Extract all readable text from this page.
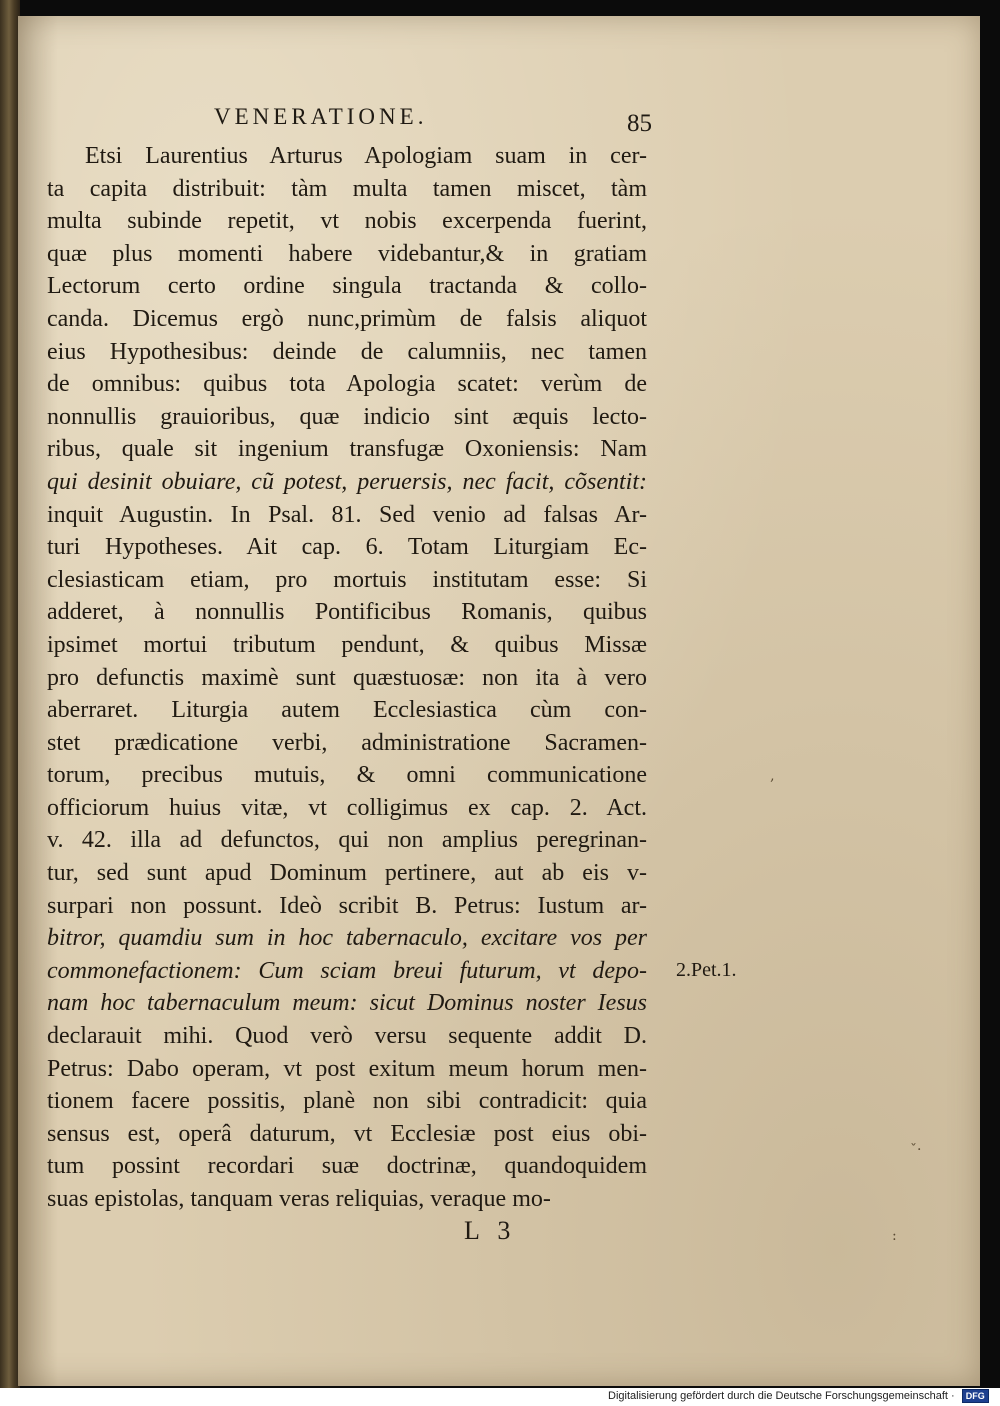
‚
ˇ·
:
VENERATIONE.	85
Etsi Laurentius Arturus Apologiam suam in cer-
ta capita distribuit: tàm multa tamen miscet, tàm
multa subinde repetit, vt nobis excerpenda fuerint,
quæ plus momenti habere videbantur,& in gratiam
Lectorum certo ordine singula tractanda & collo-
canda. Dicemus ergò nunc,primùm de falsis aliquot
eius Hypothesibus: deinde de calumniis, nec tamen
de omnibus: quibus tota Apologia scatet: verùm de
nonnullis grauioribus, quæ indicio sint æquis lecto-
ribus, quale sit ingenium transfugæ Oxoniensis: Nam
qui desinit obuiare, cũ potest, peruersis, nec facit, cõsentit:
inquit Augustin. In Psal. 81. Sed venio ad falsas Ar-
turi Hypotheses. Ait cap. 6. Totam Liturgiam Ec-
clesiasticam etiam, pro mortuis institutam esse: Si
adderet, à nonnullis Pontificibus Romanis, quibus
ipsimet mortui tributum pendunt, & quibus Missæ
pro defunctis maximè sunt quæstuosæ: non ita à vero
aberraret. Liturgia autem Ecclesiastica cùm con-
stet prædicatione verbi, administratione Sacramen-
torum, precibus mutuis, & omni communicatione
officiorum huius vitæ, vt colligimus ex cap. 2. Act.
v. 42. illa ad defunctos, qui non amplius peregrinan-
tur, sed sunt apud Dominum pertinere, aut ab eis v-
surpari non possunt. Ideò scribit B. Petrus: Iustum ar-
bitror, quamdiu sum in hoc tabernaculo, excitare vos per
commonefactionem: Cum sciam breui futurum, vt depo-
nam hoc tabernaculum meum: sicut Dominus noster Iesus
declarauit mihi. Quod verò versu sequente addit D.
Petrus: Dabo operam, vt post exitum meum horum men-
tionem facere possitis, planè non sibi contradicit: quia
sensus est, operâ daturum, vt Ecclesiæ post eius obi-
tum possint recordari suæ doctrinæ, quandoquidem
suas epistolas, tanquam veras reliquias, veraque mo-
2.Pet.1.
L 3
Digitalisierung gefördert durch die Deutsche Forschungsgemeinschaft · DFG
